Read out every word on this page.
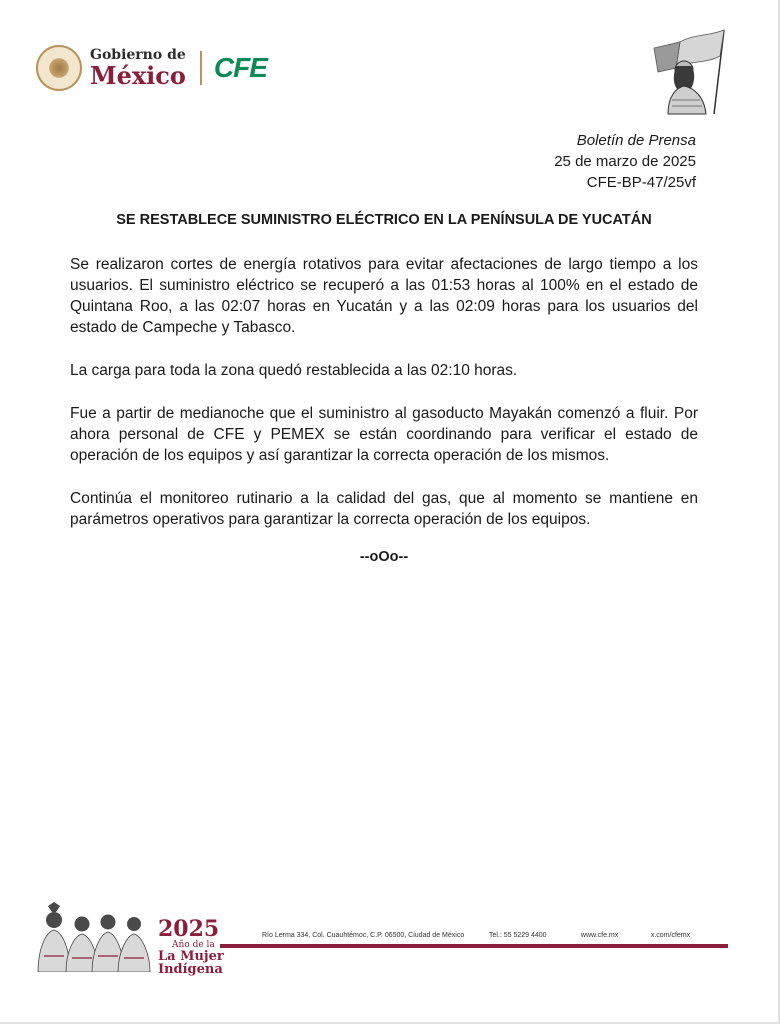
Gobierno de
México CFE
Boletín de Prensa
25 de marzo de 2025
CFE-BP-47/25vf
SE RESTABLECE SUMINISTRO ELÉCTRICO EN LA PENÍNSULA DE YUCATÁN

Se realizaron cortes de energía rotativos para evitar afectaciones de largo tiempo a los usuarios. El suministro eléctrico se recuperó a las 01:53 horas al 100% en el estado de Quintana Roo, a las 02:07 horas en Yucatán y a las 02:09 horas para los usuarios del estado de Campeche y Tabasco.

La carga para toda la zona quedó restablecida a las 02:10 horas.

Fue a partir de medianoche que el suministro al gasoducto Mayakán comenzó a fluir. Por ahora personal de CFE y PEMEX se están coordinando para verificar el estado de operación de los equipos y así garantizar la correcta operación de los mismos.

Continúa el monitoreo rutinario a la calidad del gas, que al momento se mantiene en parámetros operativos para garantizar la correcta operación de los equipos.

--oOo--
2025
Año de la
La Mujer
Indígena
Río Lerma 334, Col. Cuauhtémoc, C.P. 06500, Ciudad de México	Tel.: 55 5229 4400	www.cfe.mx	x.com/cfemx
